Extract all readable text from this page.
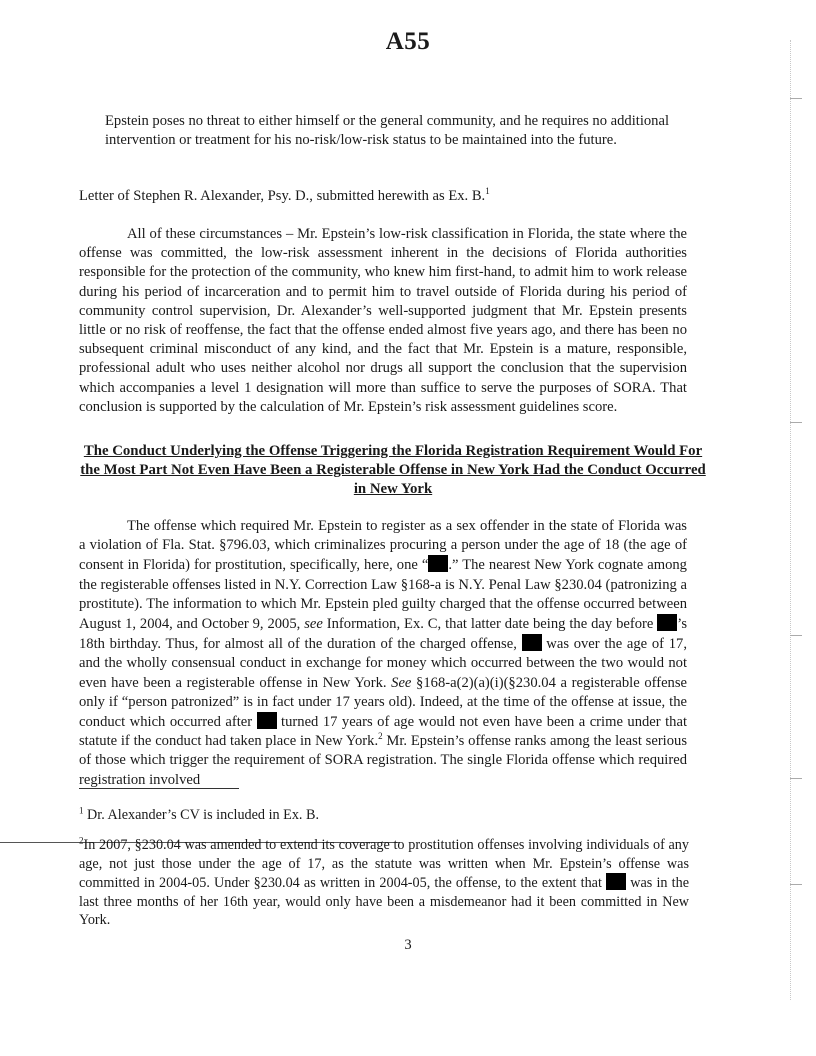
A55
Epstein poses no threat to either himself or the general community, and he requires no additional intervention or treatment for his no-risk/low-risk status to be maintained into the future.
Letter of Stephen R. Alexander, Psy. D., submitted herewith as Ex. B.$^1$
All of these circumstances – Mr. Epstein’s low-risk classification in Florida, the state where the offense was committed, the low-risk assessment inherent in the decisions of Florida authorities responsible for the protection of the community, who knew him first-hand, to admit him to work release during his period of incarceration and to permit him to travel outside of Florida during his period of community control supervision, Dr. Alexander’s well-supported judgment that Mr. Epstein presents little or no risk of reoffense, the fact that the offense ended almost five years ago, and there has been no subsequent criminal misconduct of any kind, and the fact that Mr. Epstein is a mature, responsible, professional adult who uses neither alcohol nor drugs all support the conclusion that the supervision which accompanies a level 1 designation will more than suffice to serve the purposes of SORA. That conclusion is supported by the calculation of Mr. Epstein’s risk assessment guidelines score.
The Conduct Underlying the Offense Triggering the Florida Registration Requirement Would For the Most Part Not Even Have Been a Registerable Offense in New York Had the Conduct Occurred in New York
The offense which required Mr. Epstein to register as a sex offender in the state of Florida was a violation of Fla. Stat. §796.03, which criminalizes procuring a person under the age of 18 (the age of consent in Florida) for prostitution, specifically, here, one “ .” The nearest New York cognate among the registerable offenses listed in N.Y. Correction Law §168-a is N.Y. Penal Law §230.04 (patronizing a prostitute). The information to which Mr. Epstein pled guilty charged that the offense occurred between August 1, 2004, and October 9, 2005, see Information, Ex. C, that latter date being the day before ’s 18th birthday. Thus, for almost all of the duration of the charged offense,  was over the age of 17, and the wholly consensual conduct in exchange for money which occurred between the two would not even have been a registerable offense in New York. See §168-a(2)(a)(i)(§230.04 a registerable offense only if “person patronized” is in fact under 17 years old). Indeed, at the time of the offense at issue, the conduct which occurred after  turned 17 years of age would not even have been a crime under that statute if the conduct had taken place in New York.$^2$ Mr. Epstein’s offense ranks among the least serious of those which trigger the requirement of SORA registration. The single Florida offense which required registration involved
$^1$ Dr. Alexander’s CV is included in Ex. B.
$^2$In 2007, §230.04 was amended to extend its coverage to prostitution offenses involving individuals of any age, not just those under the age of 17, as the statute was written when Mr. Epstein’s offense was committed in 2004-05. Under §230.04 as written in 2004-05, the offense, to the extent that  was in the last three months of her 16th year, would only have been a misdemeanor had it been committed in New York.
3
